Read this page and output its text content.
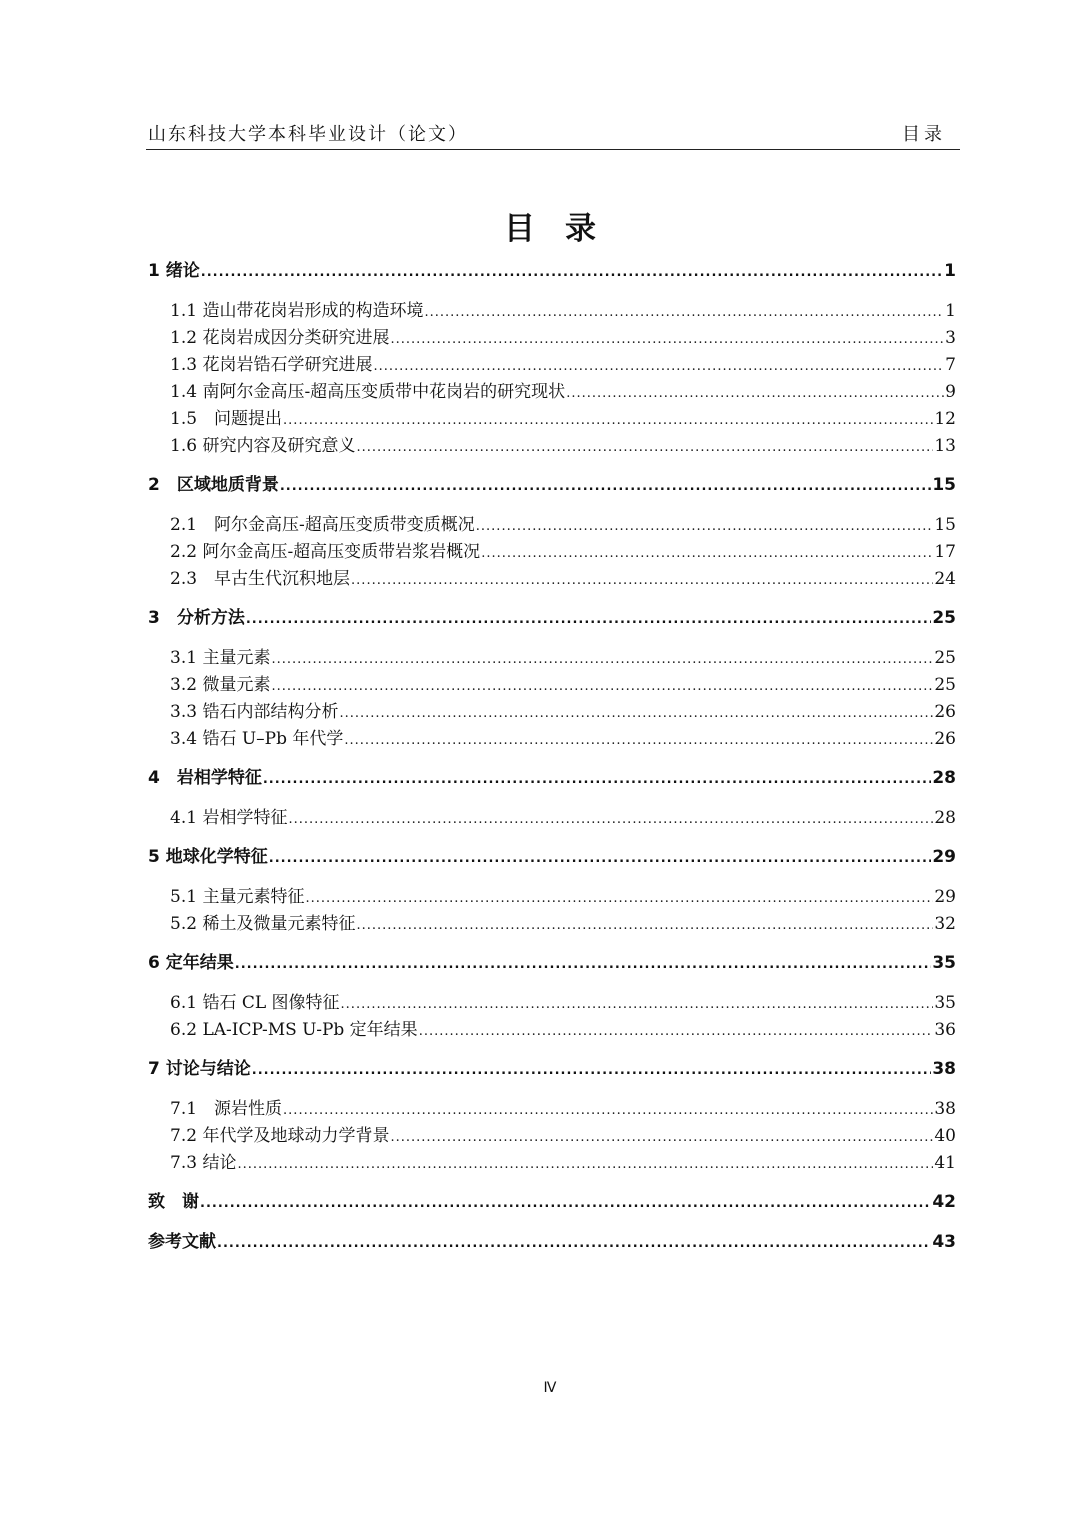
山东科技大学本科毕业设计（论文）	目录
目 录
1 绪论 .....	1
1.1 造山带花岗岩形成的构造环境 .....	1
1.2 花岗岩成因分类研究进展 .....	3
1.3 花岗岩锆石学研究进展 .....	7
1.4 南阿尔金高压-超高压变质带中花岗岩的研究现状 .....	9
1.5　问题提出 .....	12
1.6 研究内容及研究意义 .....	13
2　区域地质背景 .....	15
2.1　阿尔金高压-超高压变质带变质概况 .....	15
2.2 阿尔金高压-超高压变质带岩浆岩概况 .....	17
2.3　早古生代沉积地层 .....	24
3　分析方法 .....	25
3.1 主量元素 .....	25
3.2 微量元素 .....	25
3.3 锆石内部结构分析 .....	26
3.4 锆石 U–Pb 年代学 .....	26
4　岩相学特征 .....	28
4.1 岩相学特征 .....	28
5 地球化学特征 .....	29
5.1 主量元素特征 .....	29
5.2 稀土及微量元素特征 .....	32
6 定年结果 .....	35
6.1 锆石 CL 图像特征 .....	35
6.2 LA-ICP-MS U-Pb 定年结果 .....	36
7 讨论与结论 .....	38
7.1　源岩性质 .....	38
7.2 年代学及地球动力学背景 .....	40
7.3 结论 .....	41
致　谢 .....	42
参考文献 .....	43
Ⅳ
